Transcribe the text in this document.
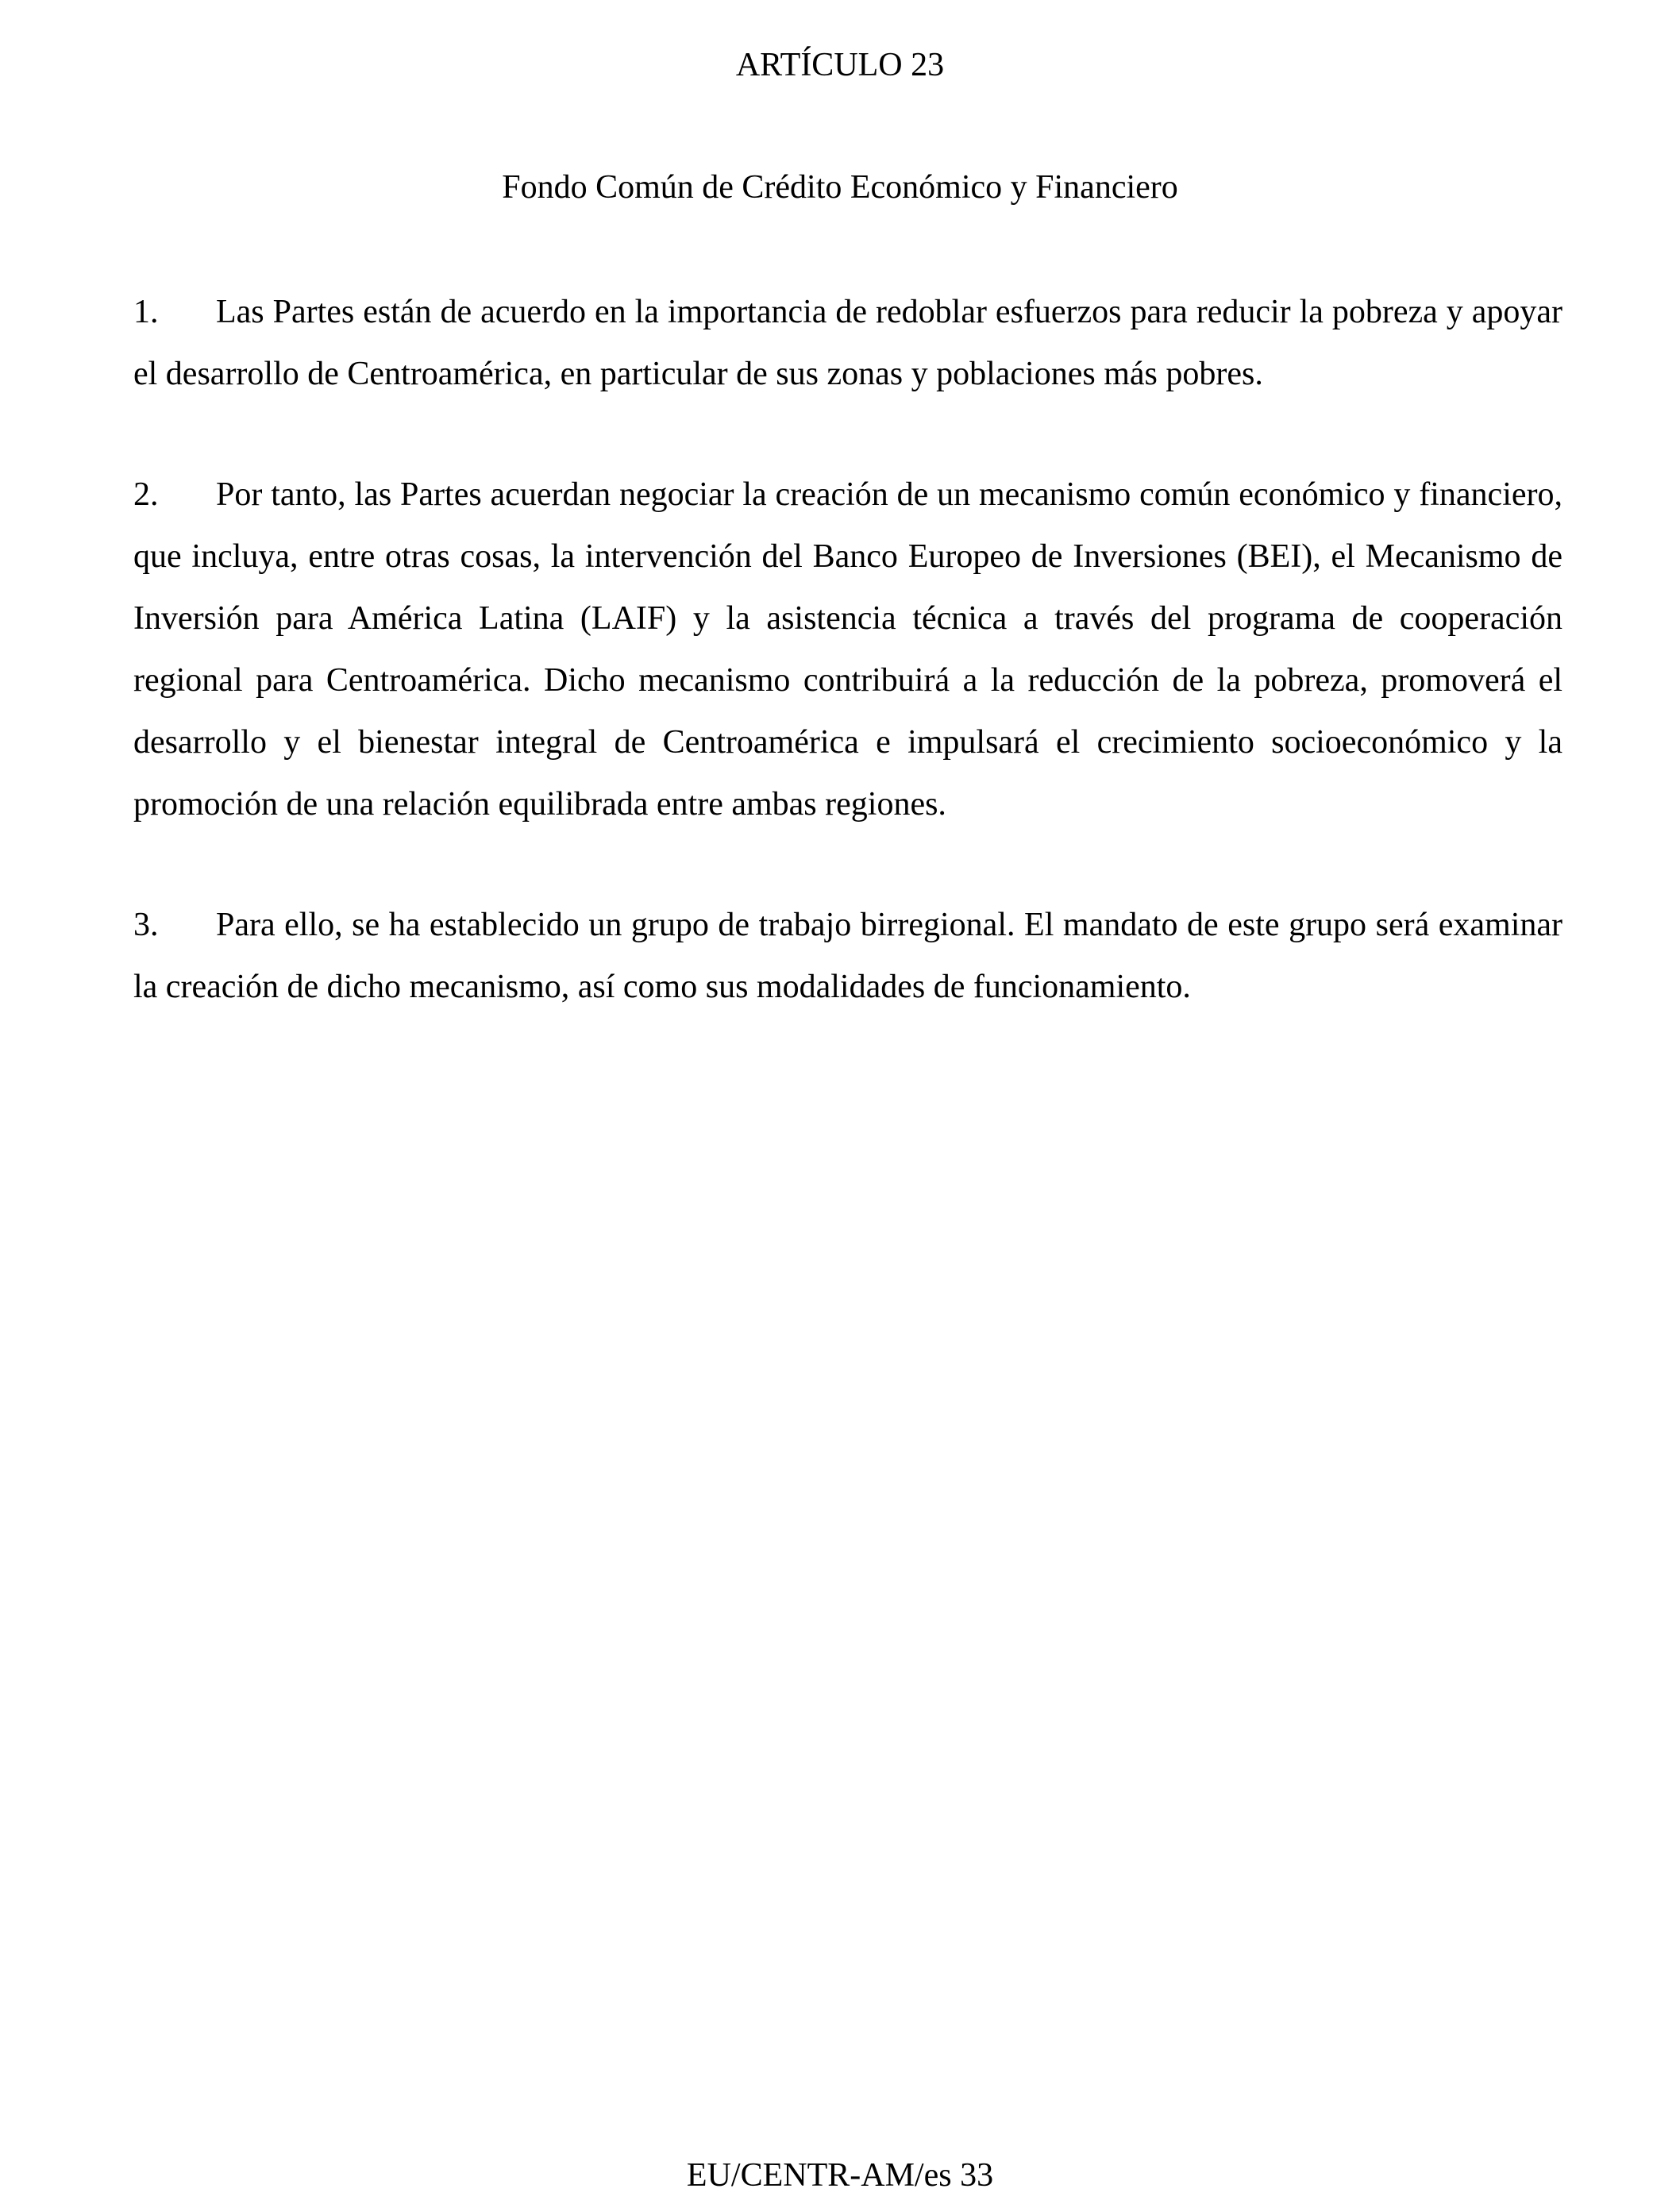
ARTÍCULO 23
Fondo Común de Crédito Económico y Financiero

1. Las Partes están de acuerdo en la importancia de redoblar esfuerzos para reducir la pobreza y apoyar el desarrollo de Centroamérica, en particular de sus zonas y poblaciones más pobres.

2. Por tanto, las Partes acuerdan negociar la creación de un mecanismo común económico y financiero, que incluya, entre otras cosas, la intervención del Banco Europeo de Inversiones (BEI), el Mecanismo de Inversión para América Latina (LAIF) y la asistencia técnica a través del programa de cooperación regional para Centroamérica. Dicho mecanismo contribuirá a la reducción de la pobreza, promoverá el desarrollo y el bienestar integral de Centroamérica e impulsará el crecimiento socioeconómico y la promoción de una relación equilibrada entre ambas regiones.

3. Para ello, se ha establecido un grupo de trabajo birregional. El mandato de este grupo será examinar la creación de dicho mecanismo, así como sus modalidades de funcionamiento.

EU/CENTR-AM/es 33
